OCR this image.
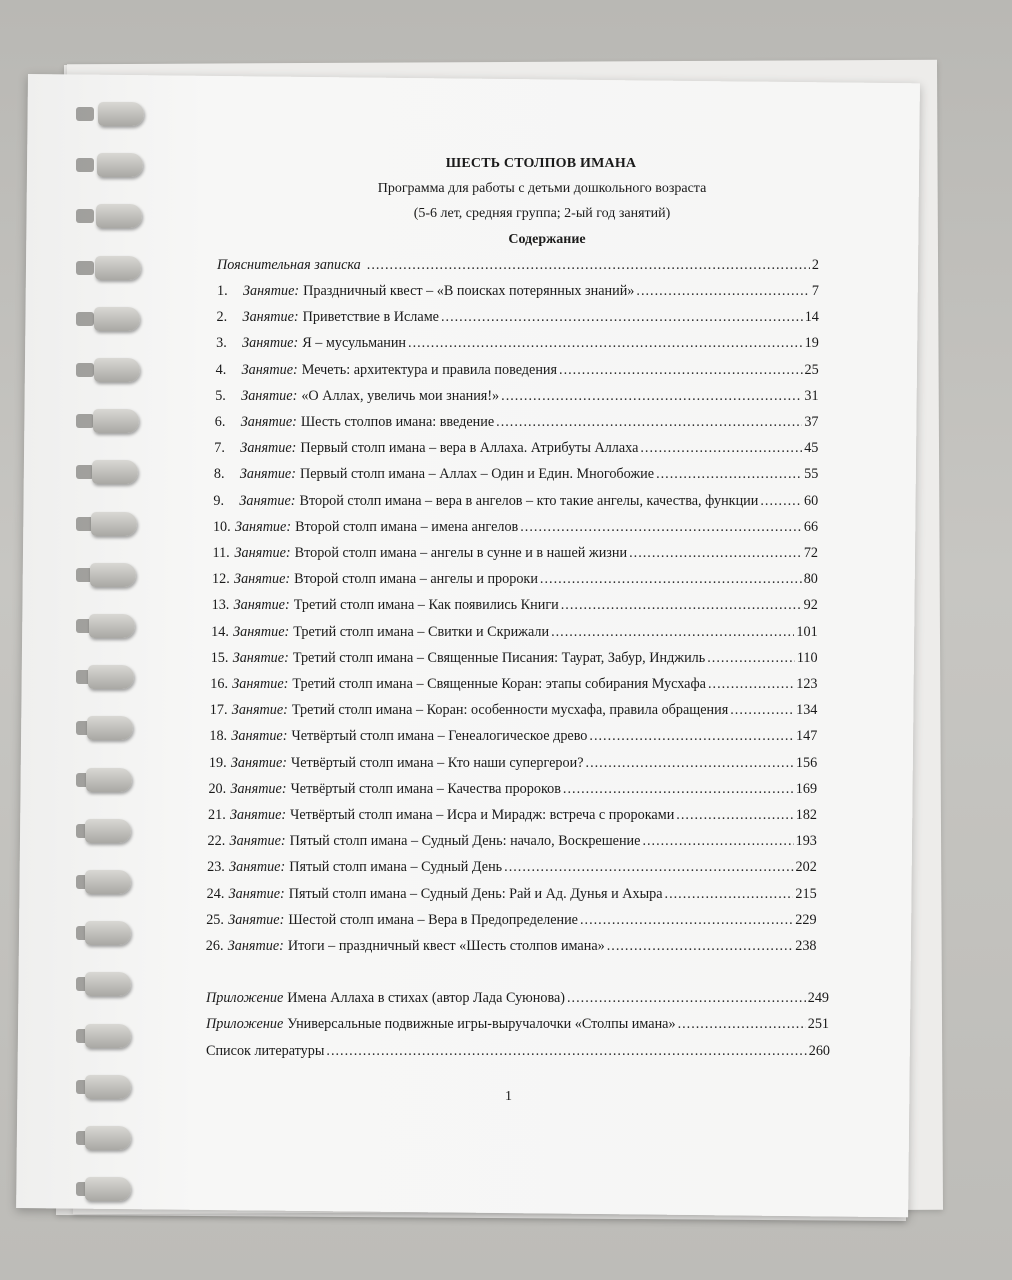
ШЕСТЬ СТОЛПОВ ИМАНА
Программа для работы с детьми дошкольного возраста
(5-6 лет, средняя группа; 2-ый год занятий)
Содержание
Пояснительная записка .....	2
1.	Занятие: Праздничный квест – «В поисках потерянных знаний» .....	7
2.	Занятие: Приветствие в Исламе .....	14
3.	Занятие: Я – мусульманин .....	19
4.	Занятие: Мечеть: архитектура и правила поведения .....	25
5.	Занятие: «О Аллах, увеличь мои знания!» .....	31
6.	Занятие: Шесть столпов имана: введение .....	37
7.	Занятие: Первый столп имана – вера в Аллаха. Атрибуты Аллаха .....	45
8.	Занятие: Первый столп имана – Аллах – Один и Един. Многобожие .....	55
9.	Занятие: Второй столп имана – вера в ангелов – кто такие ангелы, качества, функции .....	60
10. Занятие: Второй столп имана – имена ангелов .....	66
11. Занятие: Второй столп имана – ангелы в сунне и в нашей жизни .....	72
12. Занятие: Второй столп имана – ангелы и пророки .....	80
13. Занятие: Третий столп имана – Как появились Книги .....	92
14. Занятие: Третий столп имана – Свитки и Скрижали .....	101
15. Занятие: Третий столп имана – Священные Писания: Таурат, Забур, Инджиль .....	110
16. Занятие: Третий столп имана – Священные Коран: этапы собирания Мусхафа .....	123
17. Занятие: Третий столп имана – Коран: особенности мусхафа, правила обращения .....	134
18. Занятие: Четвёртый столп имана – Генеалогическое древо .....	147
19. Занятие: Четвёртый столп имана – Кто наши супергерои? .....	156
20. Занятие: Четвёртый столп имана – Качества пророков .....	169
21. Занятие: Четвёртый столп имана – Исра и Мирадж: встреча с пророками .....	182
22. Занятие: Пятый столп имана – Судный День: начало, Воскрешение .....	193
23. Занятие: Пятый столп имана – Судный День .....	202
24. Занятие: Пятый столп имана – Судный День: Рай и Ад. Дунья и Ахыра .....	215
25. Занятие: Шестой столп имана – Вера в Предопределение .....	229
26. Занятие: Итоги – праздничный квест «Шесть столпов имана» .....	238
Приложение Имена Аллаха в стихах (автор Лада Суюнова) .....	249
Приложение Универсальные подвижные игры-выручалочки «Столпы имана» .....	251
Список литературы .....	260
1
